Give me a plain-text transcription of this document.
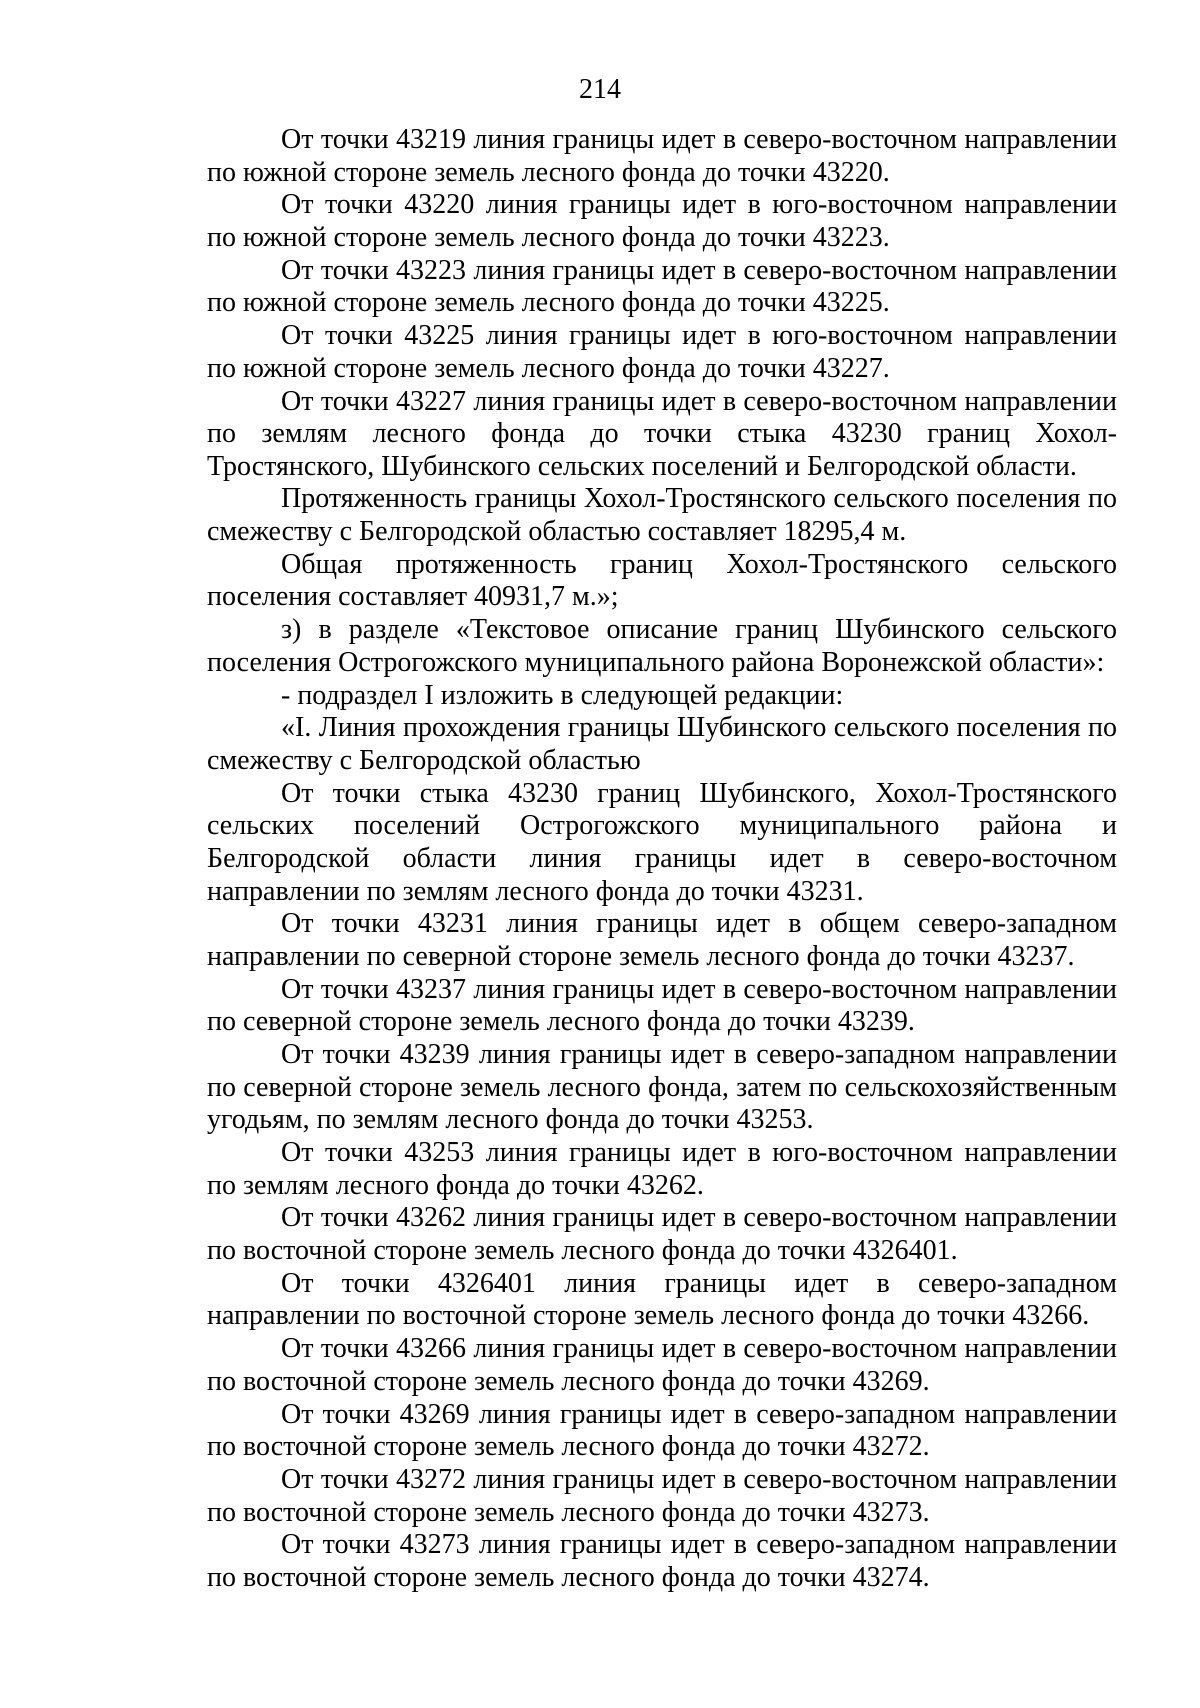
214

От точки 43219 линия границы идет в северо-восточном направлении по южной стороне земель лесного фонда до точки 43220.

От точки 43220 линия границы идет в юго-восточном направлении по южной стороне земель лесного фонда до точки 43223.

От точки 43223 линия границы идет в северо-восточном направлении по южной стороне земель лесного фонда до точки 43225.

От точки 43225 линия границы идет в юго-восточном направлении по южной стороне земель лесного фонда до точки 43227.

От точки 43227 линия границы идет в северо-восточном направлении по землям лесного фонда до точки стыка 43230 границ Хохол-Тростянского, Шубинского сельских поселений и Белгородской области.

Протяженность границы Хохол-Тростянского сельского поселения по смежеству с Белгородской областью составляет 18295,4 м.

Общая протяженность границ Хохол-Тростянского сельского поселения составляет 40931,7 м.»;

з) в разделе «Текстовое описание границ Шубинского сельского поселения Острогожского муниципального района Воронежской области»:

- подраздел I изложить в следующей редакции:

«I. Линия прохождения границы Шубинского сельского поселения по смежеству с Белгородской областью

От точки стыка 43230 границ Шубинского, Хохол-Тростянского сельских поселений Острогожского муниципального района и Белгородской области линия границы идет в северо-восточном направлении по землям лесного фонда до точки 43231.

От точки 43231 линия границы идет в общем северо-западном направлении по северной стороне земель лесного фонда до точки 43237.

От точки 43237 линия границы идет в северо-восточном направлении по северной стороне земель лесного фонда до точки 43239.

От точки 43239 линия границы идет в северо-западном направлении по северной стороне земель лесного фонда, затем по сельскохозяйственным угодьям, по землям лесного фонда до точки 43253.

От точки 43253 линия границы идет в юго-восточном направлении по землям лесного фонда до точки 43262.

От точки 43262 линия границы идет в северо-восточном направлении по восточной стороне земель лесного фонда до точки 4326401.

От точки 4326401 линия границы идет в северо-западном направлении по восточной стороне земель лесного фонда до точки 43266.

От точки 43266 линия границы идет в северо-восточном направлении по восточной стороне земель лесного фонда до точки 43269.

От точки 43269 линия границы идет в северо-западном направлении по восточной стороне земель лесного фонда до точки 43272.

От точки 43272 линия границы идет в северо-восточном направлении по восточной стороне земель лесного фонда до точки 43273.

От точки 43273 линия границы идет в северо-западном направлении по восточной стороне земель лесного фонда до точки 43274.
